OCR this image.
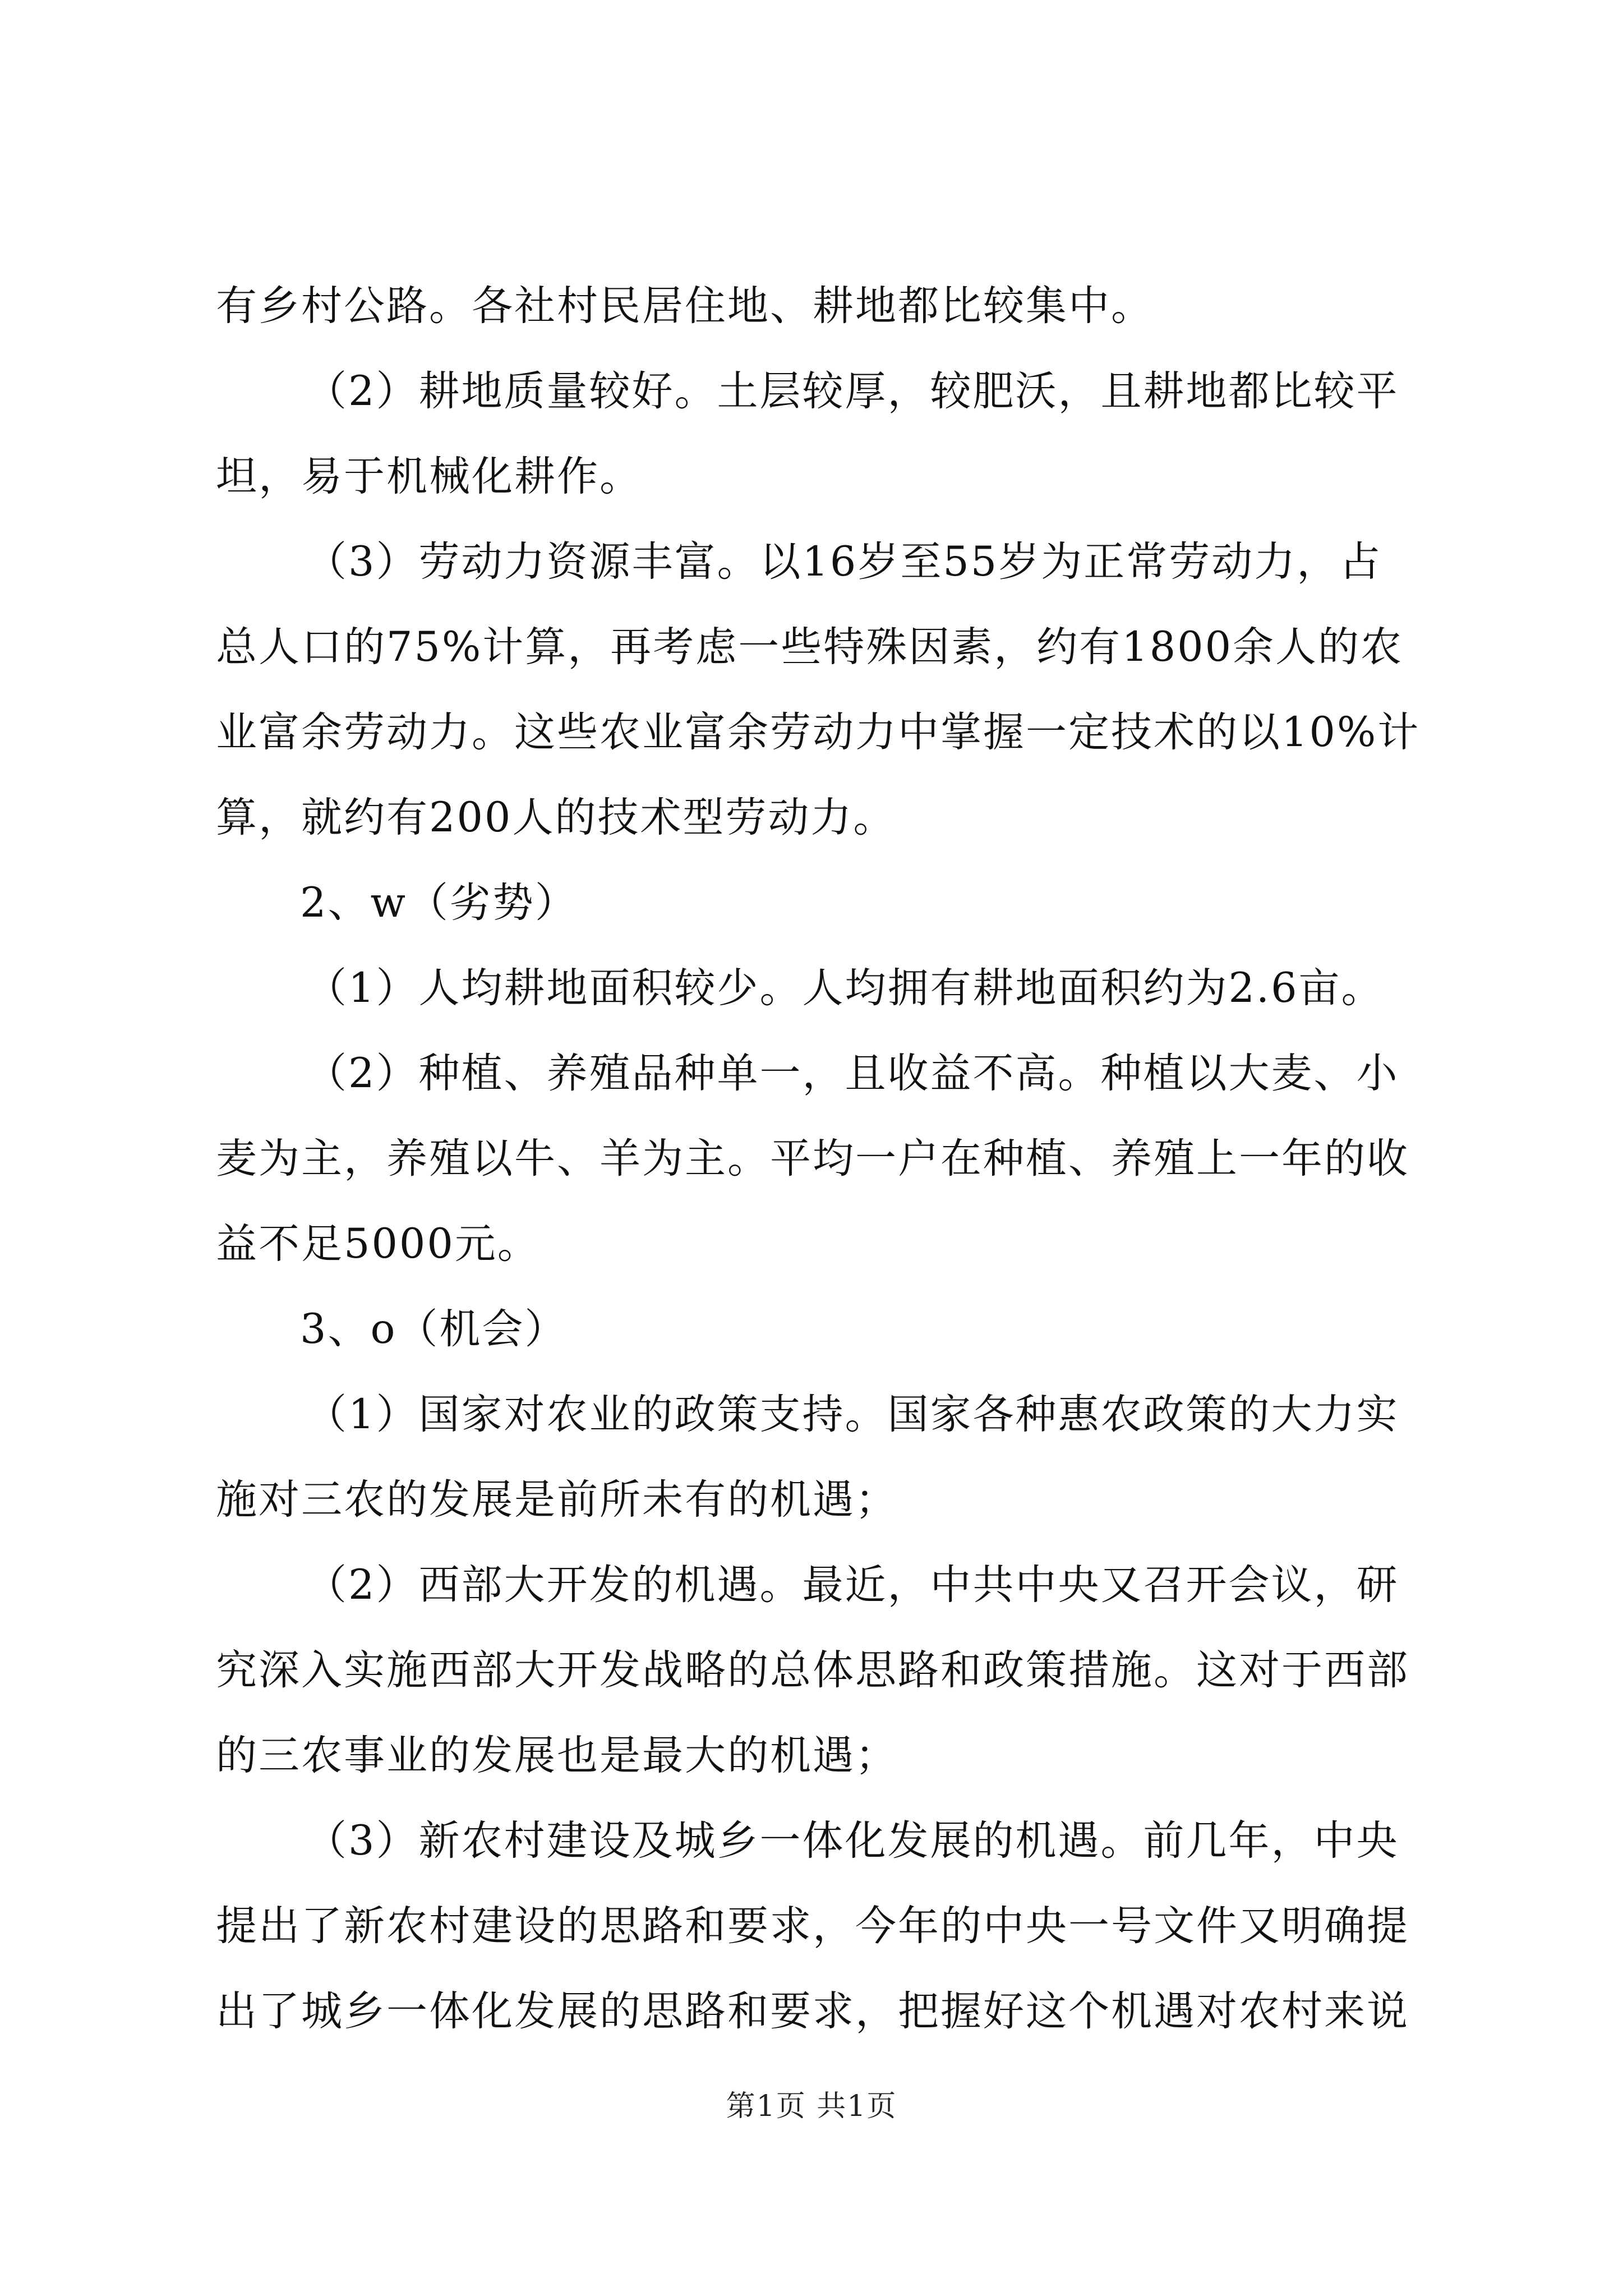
有乡村公路。各社村民居住地、耕地都比较集中。
（2）耕地质量较好。土层较厚，较肥沃，且耕地都比较平
坦，易于机械化耕作。
（3）劳动力资源丰富。以16岁至55岁为正常劳动力，占
总人口的75%计算，再考虑一些特殊因素，约有1800余人的农
业富余劳动力。这些农业富余劳动力中掌握一定技术的以10%计
算，就约有200人的技术型劳动力。
2、w（劣势）
（1）人均耕地面积较少。人均拥有耕地面积约为2.6亩。
（2）种植、养殖品种单一，且收益不高。种植以大麦、小
麦为主，养殖以牛、羊为主。平均一户在种植、养殖上一年的收
益不足5000元。
3、o（机会）
（1）国家对农业的政策支持。国家各种惠农政策的大力实
施对三农的发展是前所未有的机遇；
（2）西部大开发的机遇。最近，中共中央又召开会议，研
究深入实施西部大开发战略的总体思路和政策措施。这对于西部
的三农事业的发展也是最大的机遇；
（3）新农村建设及城乡一体化发展的机遇。前几年，中央
提出了新农村建设的思路和要求，今年的中央一号文件又明确提
出了城乡一体化发展的思路和要求，把握好这个机遇对农村来说
第1页 共1页
